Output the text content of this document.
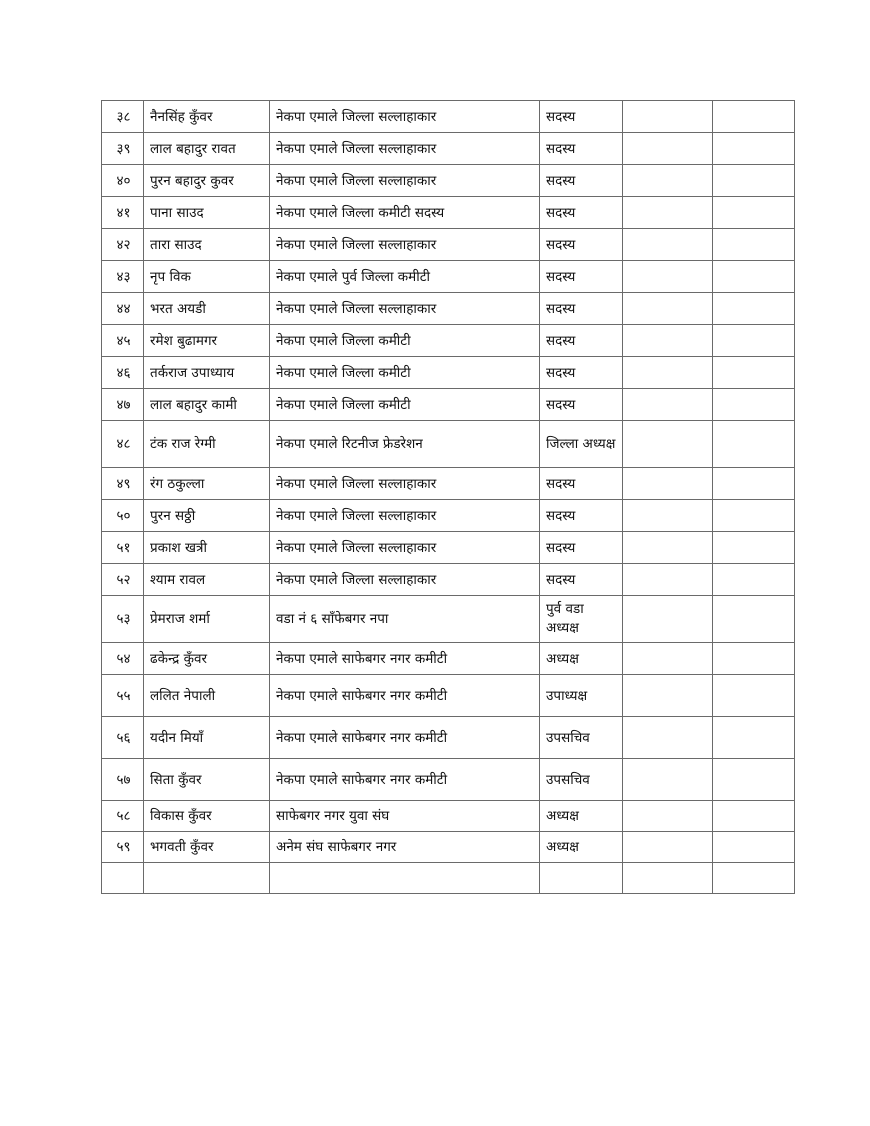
३८	नैनसिंह कुँवर	नेकपा एमाले जिल्ला सल्लाहाकार	सदस्य		
३९	लाल बहादुर रावत	नेकपा एमाले जिल्ला सल्लाहाकार	सदस्य		
४०	पुरन बहादुर कुवर	नेकपा एमाले जिल्ला सल्लाहाकार	सदस्य		
४१	पाना साउद	नेकपा एमाले जिल्ला कमीटी सदस्य	सदस्य		
४२	तारा साउद	नेकपा एमाले जिल्ला सल्लाहाकार	सदस्य		
४३	नृप विक	नेकपा एमाले पुर्व जिल्ला कमीटी	सदस्य		
४४	भरत अयडी	नेकपा एमाले जिल्ला सल्लाहाकार	सदस्य		
४५	रमेश बुढामगर	नेकपा एमाले जिल्ला कमीटी	सदस्य		
४६	तर्कराज उपाध्याय	नेकपा एमाले जिल्ला कमीटी	सदस्य		
४७	लाल बहादुर कामी	नेकपा एमाले जिल्ला कमीटी	सदस्य		
४८	टंक राज रेग्मी	नेकपा एमाले रिटनीज फ्रेडरेशन	जिल्ला अध्यक्ष		
४९	रंग ठकुल्ला	नेकपा एमाले जिल्ला सल्लाहाकार	सदस्य		
५०	पुरन सठ्ठी	नेकपा एमाले जिल्ला सल्लाहाकार	सदस्य		
५१	प्रकाश खत्री	नेकपा एमाले जिल्ला सल्लाहाकार	सदस्य		
५२	श्याम रावल	नेकपा एमाले जिल्ला सल्लाहाकार	सदस्य		
५३	प्रेमराज शर्मा	वडा नं ६ साँफेबगर नपा	पुर्व वडा अध्यक्ष		
५४	ढकेन्द्र कुँवर	नेकपा एमाले साफेबगर नगर कमीटी	अध्यक्ष		
५५	ललित नेपाली	नेकपा एमाले साफेबगर नगर कमीटी	उपाध्यक्ष		
५६	यदीन मियाँ	नेकपा एमाले साफेबगर नगर कमीटी	उपसचिव		
५७	सिता कुँवर	नेकपा एमाले साफेबगर नगर कमीटी	उपसचिव		
५८	विकास कुँवर	साफेबगर नगर युवा संघ	अध्यक्ष		
५९	भगवती कुँवर	अनेम संघ साफेबगर नगर	अध्यक्ष		
